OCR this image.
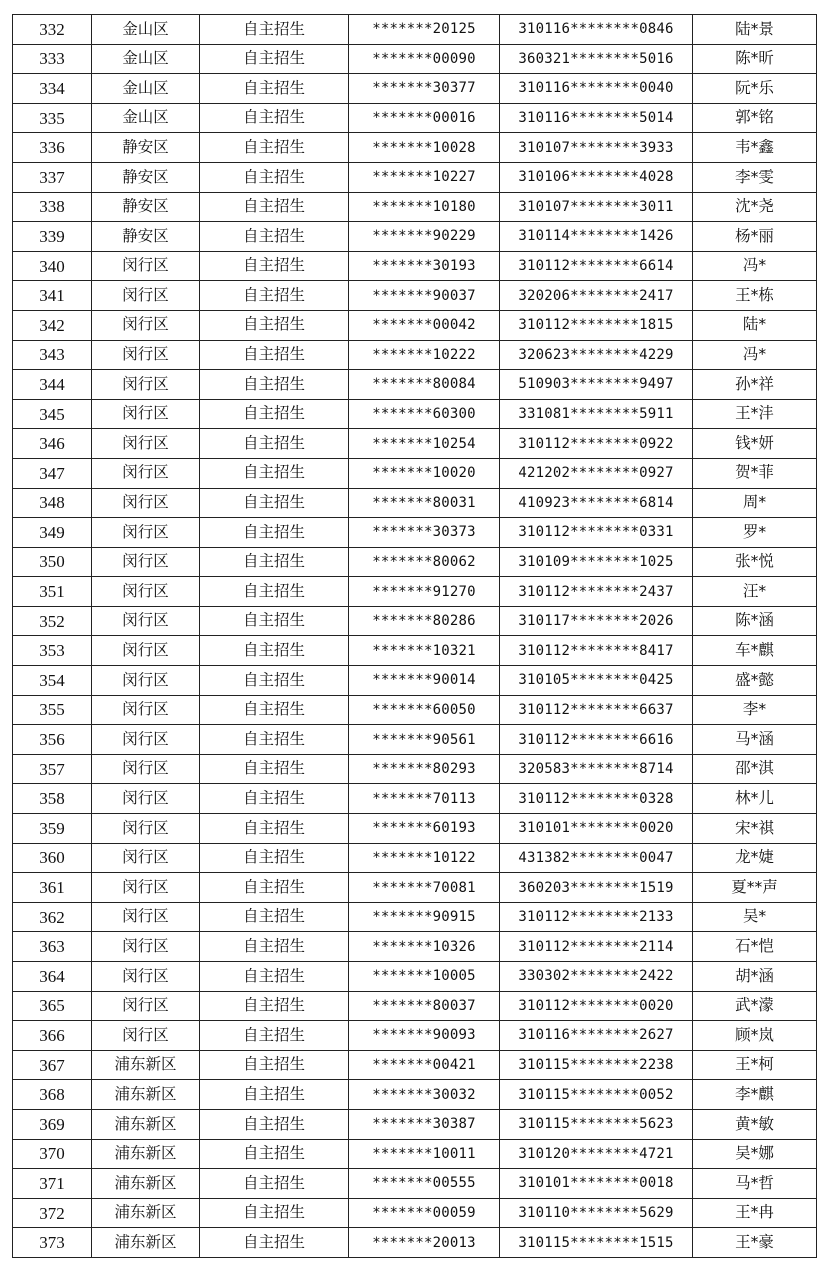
332	金山区	自主招生	*******20125	310116********0846	陆*景
333	金山区	自主招生	*******00090	360321********5016	陈*昕
334	金山区	自主招生	*******30377	310116********0040	阮*乐
335	金山区	自主招生	*******00016	310116********5014	郭*铭
336	静安区	自主招生	*******10028	310107********3933	韦*鑫
337	静安区	自主招生	*******10227	310106********4028	李*雯
338	静安区	自主招生	*******10180	310107********3011	沈*尧
339	静安区	自主招生	*******90229	310114********1426	杨*丽
340	闵行区	自主招生	*******30193	310112********6614	冯*
341	闵行区	自主招生	*******90037	320206********2417	王*栋
342	闵行区	自主招生	*******00042	310112********1815	陆*
343	闵行区	自主招生	*******10222	320623********4229	冯*
344	闵行区	自主招生	*******80084	510903********9497	孙*祥
345	闵行区	自主招生	*******60300	331081********5911	王*沣
346	闵行区	自主招生	*******10254	310112********0922	钱*妍
347	闵行区	自主招生	*******10020	421202********0927	贺*菲
348	闵行区	自主招生	*******80031	410923********6814	周*
349	闵行区	自主招生	*******30373	310112********0331	罗*
350	闵行区	自主招生	*******80062	310109********1025	张*悦
351	闵行区	自主招生	*******91270	310112********2437	汪*
352	闵行区	自主招生	*******80286	310117********2026	陈*涵
353	闵行区	自主招生	*******10321	310112********8417	车*麒
354	闵行区	自主招生	*******90014	310105********0425	盛*懿
355	闵行区	自主招生	*******60050	310112********6637	李*
356	闵行区	自主招生	*******90561	310112********6616	马*涵
357	闵行区	自主招生	*******80293	320583********8714	邵*淇
358	闵行区	自主招生	*******70113	310112********0328	林*儿
359	闵行区	自主招生	*******60193	310101********0020	宋*祺
360	闵行区	自主招生	*******10122	431382********0047	龙*婕
361	闵行区	自主招生	*******70081	360203********1519	夏**声
362	闵行区	自主招生	*******90915	310112********2133	吴*
363	闵行区	自主招生	*******10326	310112********2114	石*恺
364	闵行区	自主招生	*******10005	330302********2422	胡*涵
365	闵行区	自主招生	*******80037	310112********0020	武*濛
366	闵行区	自主招生	*******90093	310116********2627	顾*岚
367	浦东新区	自主招生	*******00421	310115********2238	王*柯
368	浦东新区	自主招生	*******30032	310115********0052	李*麒
369	浦东新区	自主招生	*******30387	310115********5623	黄*敏
370	浦东新区	自主招生	*******10011	310120********4721	吴*娜
371	浦东新区	自主招生	*******00555	310101********0018	马*哲
372	浦东新区	自主招生	*******00059	310110********5629	王*冉
373	浦东新区	自主招生	*******20013	310115********1515	王*豪
